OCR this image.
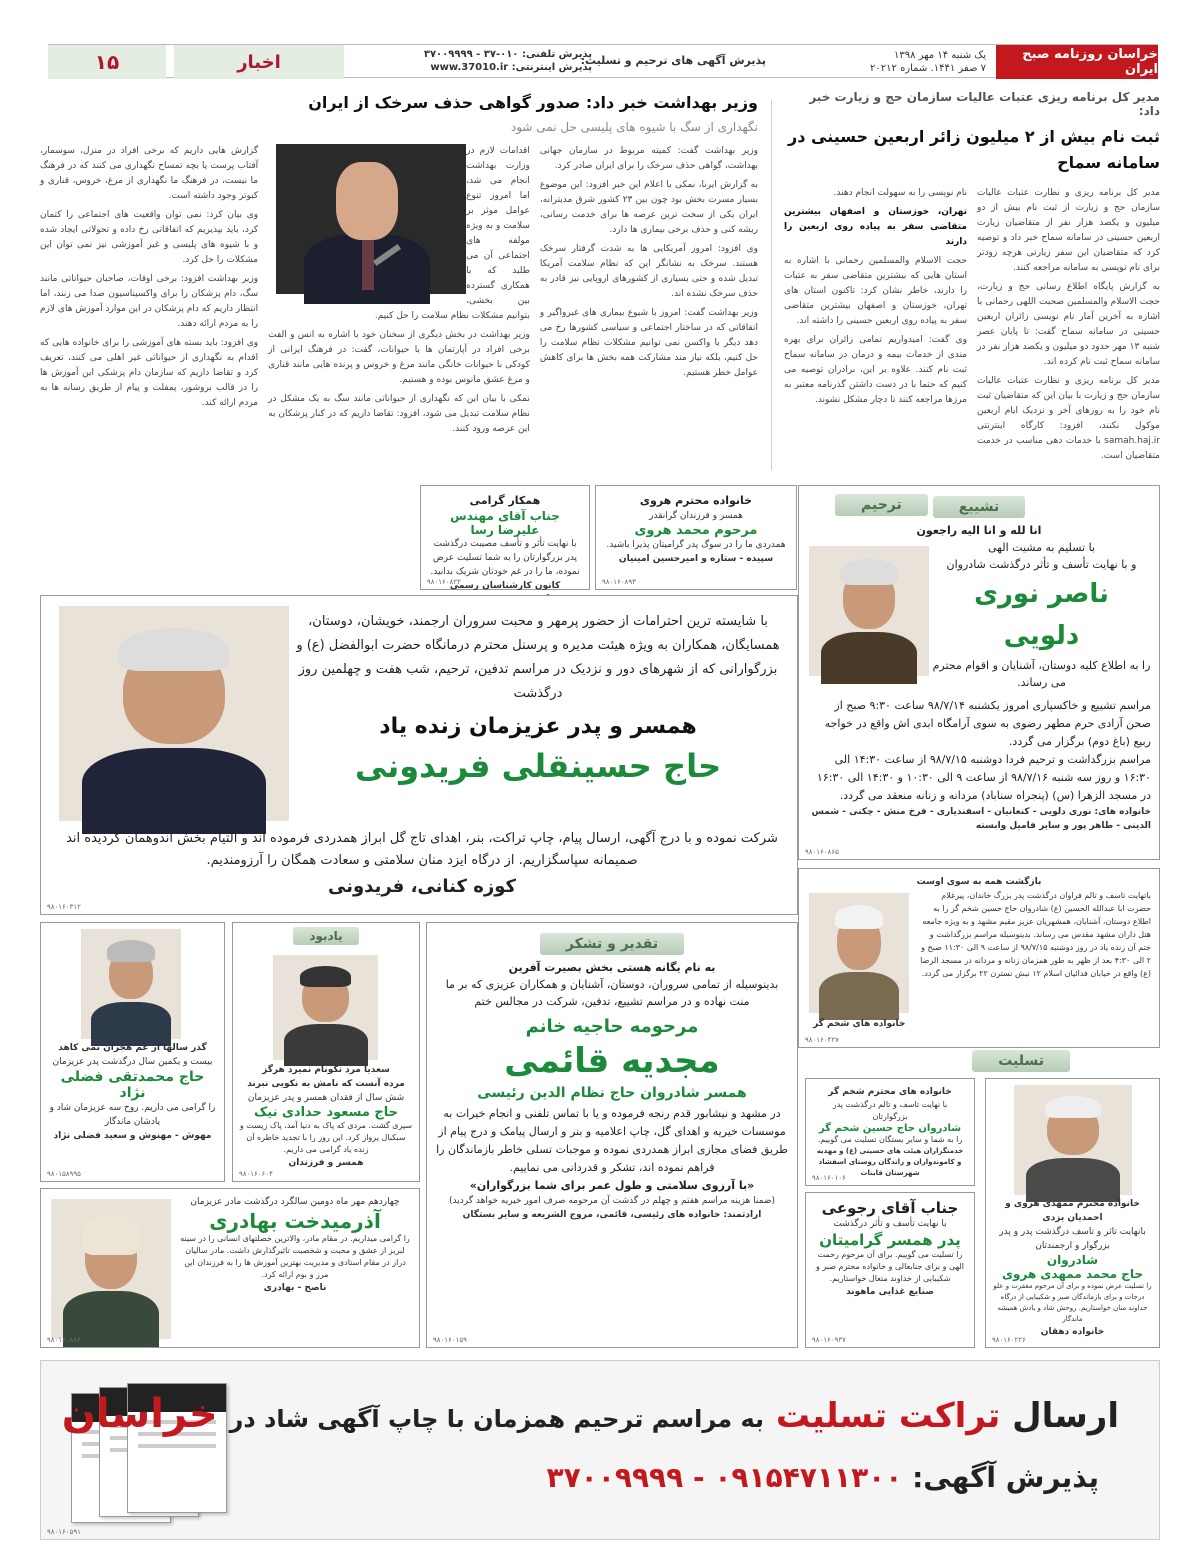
خراسان روزنامه صبح ایران
یک شنبه ۱۴ مهر ۱۳۹۸
۷ صفر ۱۴۴۱. شماره ۲۰۲۱۲
پذیرش آگهی های ترحیم و تسلیت:
پذیرش تلفنی: ۰۱۰-۳۷ - ۳۷۰۰۹۹۹۹
پذیرش اینترنتی: www.37010.ir
اخبار
۱۵
مدیر کل برنامه ریزی عتبات عالیات سازمان حج و زیارت خبر داد:
ثبت نام بیش از ۲ میلیون زائر اربعین حسینی در سامانه سماح

مدیر کل برنامه ریزی و نظارت عتبات عالیات سازمان حج و زیارت از ثبت نام بیش از دو میلیون و یکصد هزار نفر از متقاضیان زیارت اربعین حسینی در سامانه سماح خبر داد و توصیه کرد که متقاضیان این سفر زیارتی هرچه زودتر برای نام نویسی به سامانه مراجعه کنند.

به گزارش پایگاه اطلاع رسانی حج و زیارت، حجت الاسلام والمسلمین صحبت اللهی رحمانی با اشاره به آخرین آمار نام نویسی زائران اربعین حسینی در سامانه سماح گفت: تا پایان عصر شنبه ۱۳ مهر حدود دو میلیون و یکصد هزار نفر در سامانه سماح ثبت نام کرده اند.

مدیر کل برنامه ریزی و نظارت عتبات عالیات سازمان حج و زیارت با بیان این که متقاضیان ثبت نام خود را به روزهای آخر و نزدیک ایام اربعین موکول نکنند، افزود: کارگاه اینترنتی samah.haj.ir با خدمات دهی مناسب در خدمت متقاضیان است.

نام نویسی را به سهولت انجام دهند.

تهران، خوزستان و اصفهان بیشترین متقاضی سفر به پیاده روی اربعین را دارند

حجت الاسلام والمسلمین رحمانی با اشاره به استان هایی که بیشترین متقاضی سفر به عتبات را دارند، خاطر نشان کرد: تاکنون استان های تهران، خوزستان و اصفهان بیشترین متقاضی سفر به پیاده روی اربعین حسینی را داشته اند.

وی گفت: امیدواریم تمامی زائران برای بهره مندی از خدمات بیمه و درمان در سامانه سماح ثبت نام کنند. علاوه بر این، برادران توصیه می کنیم که حتما با در دست داشتن گذرنامه معتبر به مرزها مراجعه کنند تا دچار مشکل نشوند.

وزیر بهداشت خبر داد: صدور گواهی حذف سرخک از ایران
نگهداری از سگ با شیوه های پلیسی حل نمی شود

وزیر بهداشت گفت: کمیته مربوط در سازمان جهانی بهداشت، گواهی حذف سرخک را برای ایران صادر کرد.

به گزارش ایرنا، نمکی با اعلام این خبر افزود: این موضوع بسیار مسرت بخش بود چون بین ۲۳ کشور شرق مدیترانه، ایران یکی از سخت ترین عرصه ها برای خدمت رسانی، ریشه کنی و حذف برخی بیماری ها دارد.

وی افزود: امروز آمریکایی ها به شدت گرفتار سرخک هستند. سرخک به نشانگر این که نظام سلامت آمریکا تبدیل شده و حتی بسیاری از کشورهای اروپایی نیز قادر به حذف سرخک نشده اند.

وزیر بهداشت گفت: امروز با شیوع بیماری های غیرواگیر و اتفاقاتی که در ساختار اجتماعی و سیاسی کشورها رخ می دهد دیگر با واکسن نمی توانیم مشکلات نظام سلامت را حل کنیم، بلکه نیاز مند مشارکت همه بخش ها برای کاهش عوامل خطر هستیم.

اقدامات لازم در وزارت بهداشت انجام می شد، اما امروز تنوع عوامل موثر بر سلامت و به ویژه مولفه های اجتماعی آن می طلبد که با همکاری گسترده بین بخشی، بتوانیم مشکلات نظام سلامت را حل کنیم.

وزیر بهداشت در بخش دیگری از سخنان خود با اشاره به انس و الفت برخی افراد در آپارتمان ها با حیوانات، گفت: در فرهنگ ایرانی از کودکی با حیوانات خانگی مانند مرغ و خروس و پرنده هایی مانند قناری و مرغ عشق مانوس بوده و هستیم.

نمکی با بیان این که نگهداری از حیواناتی مانند سگ به یک مشکل در نظام سلامت تبدیل می شود، افزود: تقاضا داریم که در کنار پزشکان به این عرصه ورود کنند.

گزارش هایی داریم که برخی افراد در منزل، سوسمار، آفتاب پرست یا بچه تمساح نگهداری می کنند که در فرهنگ ما نیست، در فرهنگ ما نگهداری از مرغ، خروس، قناری و کبوتر وجود داشته است.

وی بیان کرد: نمی توان واقعیت های اجتماعی را کتمان کرد، باید بپذیریم که اتفاقاتی رخ داده و تحولاتی ایجاد شده و با شیوه های پلیسی و غیر آموزشی نیز نمی توان این مشکلات را حل کرد.

وزیر بهداشت افزود: برخی اوقات، صاحبان حیواناتی مانند سگ، دام پزشکان را برای واکسیناسیون صدا می زنند، اما انتظار داریم که دام پزشکان در این موارد آموزش های لازم را به مردم ارائه دهند.

وی افزود: باید بسته های آموزشی را برای خانواده هایی که اقدام به نگهداری از حیواناتی غیر اهلی می کنند، تعریف کرد و تقاضا داریم که سازمان دام پزشکی این آموزش ها را در قالب بروشور، پمفلت و پیام از طریق رسانه ها به مردم ارائه کند.

تشییع
انا لله و انا الیه راجعون
با تسلیم به مشیت الهی
و با نهایت تأسف و تأثر درگذشت شادروان
ناصر نوری دلویی
را به اطلاع کلیه دوستان، آشنایان و اقوام محترم می رساند.
مراسم تشییع و خاکسپاری امروز یکشنبه ۹۸/۷/۱۴ ساعت ۹:۳۰ صبح از صحن آزادی حرم مطهر رضوی به سوی آرامگاه ابدی اش واقع در خواجه ربیع (باغ دوم) برگزار می گردد.
مراسم بزرگداشت و ترحیم فردا دوشنبه ۹۸/۷/۱۵ از ساعت ۱۴:۳۰ الی ۱۶:۳۰ و روز سه شنبه ۹۸/۷/۱۶ از ساعت ۹ الی ۱۰:۳۰ و ۱۴:۳۰ الی ۱۶:۳۰ در مسجد الزهرا (س) (پنجراه سناباد) مردانه و زنانه منعقد می گردد.
خانواده های: نوری دلویی - کنعانیان - اسفندیاری - فرخ منش - چکنی - شمس الدینی - طاهر پور و سایر فامیل وابسته
۹۸۰۱۶۰۸۶۵
خانواده محترم هروی
همسر و فرزندان گرانقدر
مرحوم محمد هروی
همدردی ما را در سوگ پدر گرامیتان پذیرا باشید.
سپیده - ستاره و امیرحسین امینیان
۹۸۰۱۶۰۸۹۳
همکار گرامی
جناب آقای مهندس علیرضا رسا
با نهایت تأثر و تأسف مصیبت درگذشت پدر بزرگوارتان را به شما تسلیت عرض نموده، ما را در غم خودتان شریک بدانید.
کانون کارشناسان رسمی
۹۸۰۱۶۰۸۲۲
ترحیم
با شایسته ترین احترامات از حضور پرمهر و محبت سروران ارجمند، خویشان، دوستان، همسایگان، همکاران به ویژه هیئت مدیره و پرسنل محترم درمانگاه حضرت ابوالفضل (ع) و بزرگوارانی که از شهرهای دور و نزدیک در مراسم تدفین، ترحیم، شب هفت و چهلمین روز درگذشت
همسر و پدر عزیزمان زنده یاد
حاج حسینقلی فریدونی
شرکت نموده و با درج آگهی، ارسال پیام، چاپ تراکت، بنر، اهدای تاج گل ابراز همدردی فرموده اند و التیام بخش اندوهمان گردیده اند صمیمانه سپاسگزاریم. از درگاه ایزد منان سلامتی و سعادت همگان را آرزومندیم.
کوزه کنانی، فریدونی
۹۸۰۱۶۰۳۱۲
بازگشت همه به سوی اوست
باتهایت تاسف و تالم فراوان درگذشت پدر بزرگ خاندان، پیرغلام حضرت ابا عبدالله الحسین (ع) شادروان حاج حسین شخم گر را به اطلاع دوستان، آشنایان، همشهریان عزیز مقیم مشهد و به ویژه جامعه هتل داران مشهد مقدس می رساند. بدینوسیله مراسم بزرگداشت و ختم آن زنده یاد در روز دوشنبه ۹۸/۷/۱۵ از ساعت ۹ الی ۱۱:۳۰ صبح و ۲ الی ۴:۳۰ بعد از ظهر به طور همزمان زنانه و مردانه در مسجد الرضا (ع) واقع در خیابان فدائیان اسلام ۱۲ نبش نسترن ۲۲ برگزار می گردد.
خانواده های شخم گر
۹۸۰۱۶۰۴۲۷
گذر سالها از غم هجران نمی کاهد
بیست و یکمین سال درگذشت پدر عزیزمان
حاج محمدتقی فضلی نژاد
را گرامی می داریم. روح سه عزیزمان شاد و یادشان ماندگار
مهوش - مهنوش و سعید فضلی نژاد
۹۸۰۱۵۸۹۹۵
یادبود
سعدیا مرد نکونام نمیرد هرگز
مرده آنست که نامش به نکویی نبرند
شش سال از فقدان همسر و پدر عزیزمان
حاج مسعود حدادی نیک
سپری گشت. مردی که پاک به دنیا آمد، پاک زیست و سبکبال پرواز کرد. این روز را با تجدید خاطره آن زنده یاد گرامی می داریم.
همسر و فرزندان
۹۸۰۱۶۰۶۰۴
چهاردهم مهر ماه دومین سالگرد درگذشت مادر عزیزمان
آذرمیدخت بهادری
را گرامی میداریم. در مقام مادر، والاترین خصلتهای انسانی را در سینه لبریز از عشق و محبت و شخصیت تاثیرگذارش داشت. مادر سالیان دراز در مقام استادی و مدیریت بهترین آموزش ها را به فرزندان این مرز و بوم ارائه کرد.
ناصح - بهادری
۹۸۰۱۶۰۸۸۶
تقدیر و تشکر
به نام یگانه هستی بخش بصیرت آفرین
بدینوسیله از تمامی سروران، دوستان، آشنایان و همکاران عزیزی که بر ما منت نهاده و در مراسم تشییع، تدفین، شرکت در مجالس ختم
مرحومه حاجیه خانم
مجدیه قائمی
همسر شادروان حاج نظام الدین رئیسی
در مشهد و نیشابور قدم رنجه فرموده و یا با تماس تلفنی و انجام خیرات به موسسات خیریه و اهدای گل، چاپ اعلامیه و بنر و ارسال پیامک و درج پیام از طریق فضای مجازی ابراز همدردی نموده و موجبات تسلی خاطر بازماندگان را فراهم نموده اند، تشکر و قدردانی می نماییم.
«با آرزوی سلامتی و طول عمر برای شما بزرگواران»
(ضمنا هزینه مراسم هفتم و چهلم در گذشت آن مرحومه صرف امور خیریه خواهد گردید)
ارادتمند: خانواده های رئیسی، قائمی، مروج الشریعه و سایر بستگان
۹۸۰۱۶۰۱۵۹
تسلیت
خانواده های محترم شخم گر
با نهایت تاسف و تالم درگذشت پدر بزرگوارتان
شادروان حاج حسین شخم گر
را به شما و سایر بستگان تسلیت می گوییم.
خدمتگزاران هیئت های حسینی (ع) و مهدیه و کاموندواران و راندگان روستای اسفشاد شهرستان قاینات
۹۸۰۱۶۰۱۰۶
جناب آقای رجوعی
با نهایت تأسف و تأثر درگذشت
پدر همسر گرامیتان
را تسلیت می گوییم. برای آن مرحوم رحمت الهی و برای جنابعالی و خانواده محترم صبر و شکیبایی از خداوند متعال خواستاریم.
صنایع غذایی ماهوند
۹۸۰۱۶۰۹۳۷
خانواده محترم ممهدی هروی و احمدیان یزدی
بانهایت تاثر و تاسف درگذشت پدر و پدر بزرگوار و ارجمندتان
شادروان
حاج محمد ممهدی هروی
را تسلیت عرض نموده و برای آن مرحوم مغفرت و علو درجات و برای بازماندگان صبر و شکیبایی از درگاه خداوند منان خواستاریم. روحش شاد و یادش همیشه ماندگار
خانواده دهقان
۹۸۰۱۶۰۲۲۶
ارسال تراکت تسلیت به مراسم ترحیم همزمان با چاپ آگهی شاد در خراسان
پذیرش آگهی: ۰۹۱۵۴۷۱۱۳۰۰ - ۳۷۰۰۹۹۹۹
۹۸۰۱۶۰۵۹۱
